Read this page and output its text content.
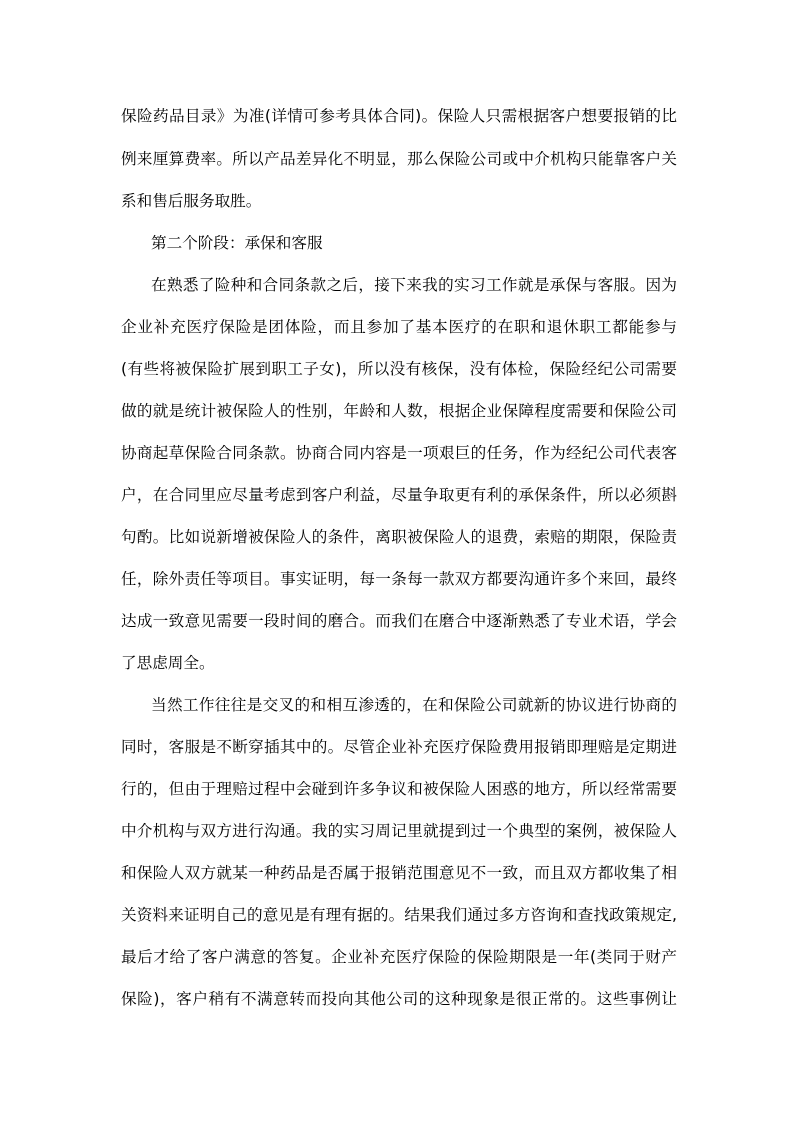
保险药品目录》为准(详情可参考具体合同)。保险人只需根据客户想要报销的比
例来厘算费率。所以产品差异化不明显，那么保险公司或中介机构只能靠客户关
系和售后服务取胜。
第二个阶段：承保和客服
在熟悉了险种和合同条款之后，接下来我的实习工作就是承保与客服。因为
企业补充医疗保险是团体险，而且参加了基本医疗的在职和退休职工都能参与
(有些将被保险扩展到职工子女)，所以没有核保，没有体检，保险经纪公司需要
做的就是统计被保险人的性别，年龄和人数，根据企业保障程度需要和保险公司
协商起草保险合同条款。协商合同内容是一项艰巨的任务，作为经纪公司代表客
户，在合同里应尽量考虑到客户利益，尽量争取更有利的承保条件，所以必须斟
句酌。比如说新增被保险人的条件，离职被保险人的退费，索赔的期限，保险责
任，除外责任等项目。事实证明，每一条每一款双方都要沟通许多个来回，最终
达成一致意见需要一段时间的磨合。而我们在磨合中逐渐熟悉了专业术语，学会
了思虑周全。
当然工作往往是交叉的和相互渗透的，在和保险公司就新的协议进行协商的
同时，客服是不断穿插其中的。尽管企业补充医疗保险费用报销即理赔是定期进
行的，但由于理赔过程中会碰到许多争议和被保险人困惑的地方，所以经常需要
中介机构与双方进行沟通。我的实习周记里就提到过一个典型的案例，被保险人
和保险人双方就某一种药品是否属于报销范围意见不一致，而且双方都收集了相
关资料来证明自己的意见是有理有据的。结果我们通过多方咨询和查找政策规定,
最后才给了客户满意的答复。企业补充医疗保险的保险期限是一年(类同于财产
保险)，客户稍有不满意转而投向其他公司的这种现象是很正常的。这些事例让
